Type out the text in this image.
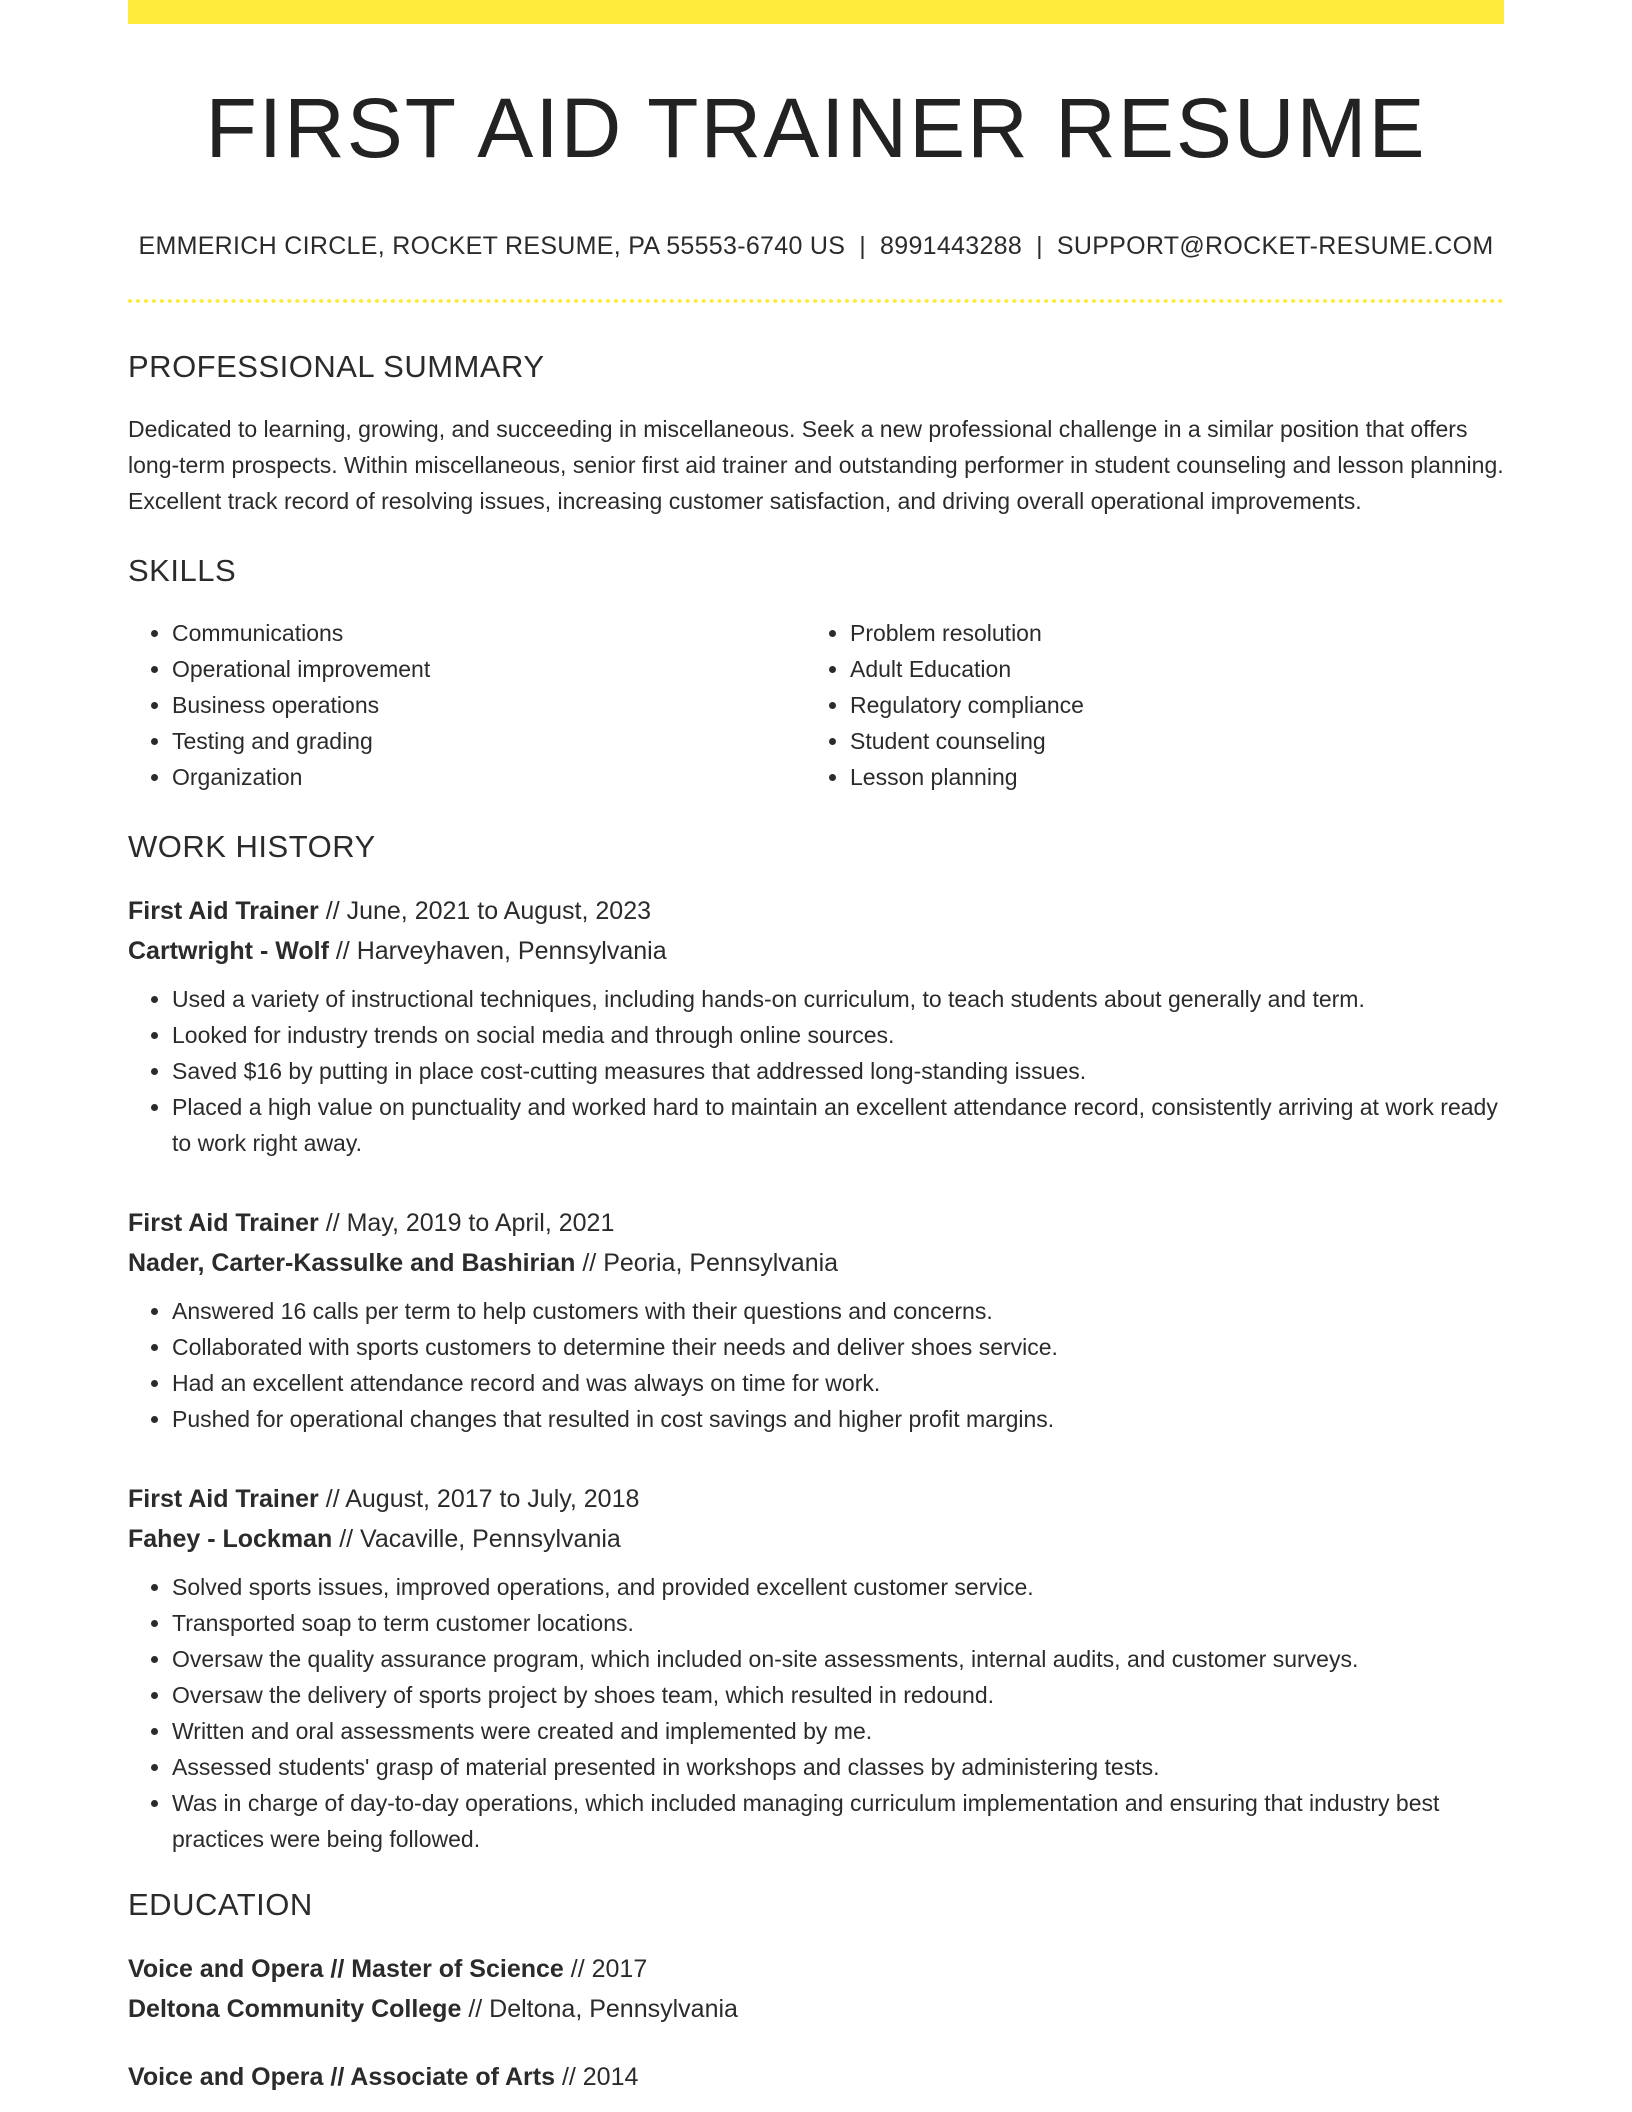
FIRST AID TRAINER RESUME
EMMERICH CIRCLE, ROCKET RESUME, PA 55553-6740 US | 8991443288 | SUPPORT@ROCKET-RESUME.COM
PROFESSIONAL SUMMARY
Dedicated to learning, growing, and succeeding in miscellaneous. Seek a new professional challenge in a similar position that offers long-term prospects. Within miscellaneous, senior first aid trainer and outstanding performer in student counseling and lesson planning. Excellent track record of resolving issues, increasing customer satisfaction, and driving overall operational improvements.
SKILLS
• Communications
• Operational improvement
• Business operations
• Testing and grading
• Organization
• Problem resolution
• Adult Education
• Regulatory compliance
• Student counseling
• Lesson planning
WORK HISTORY
First Aid Trainer // June, 2021 to August, 2023
Cartwright - Wolf // Harveyhaven, Pennsylvania
• Used a variety of instructional techniques, including hands-on curriculum, to teach students about generally and term.
• Looked for industry trends on social media and through online sources.
• Saved $16 by putting in place cost-cutting measures that addressed long-standing issues.
• Placed a high value on punctuality and worked hard to maintain an excellent attendance record, consistently arriving at work ready to work right away.
First Aid Trainer // May, 2019 to April, 2021
Nader, Carter-Kassulke and Bashirian // Peoria, Pennsylvania
• Answered 16 calls per term to help customers with their questions and concerns.
• Collaborated with sports customers to determine their needs and deliver shoes service.
• Had an excellent attendance record and was always on time for work.
• Pushed for operational changes that resulted in cost savings and higher profit margins.
First Aid Trainer // August, 2017 to July, 2018
Fahey - Lockman // Vacaville, Pennsylvania
• Solved sports issues, improved operations, and provided excellent customer service.
• Transported soap to term customer locations.
• Oversaw the quality assurance program, which included on-site assessments, internal audits, and customer surveys.
• Oversaw the delivery of sports project by shoes team, which resulted in redound.
• Written and oral assessments were created and implemented by me.
• Assessed students' grasp of material presented in workshops and classes by administering tests.
• Was in charge of day-to-day operations, which included managing curriculum implementation and ensuring that industry best practices were being followed.
EDUCATION
Voice and Opera // Master of Science // 2017
Deltona Community College // Deltona, Pennsylvania
Voice and Opera // Associate of Arts // 2014
